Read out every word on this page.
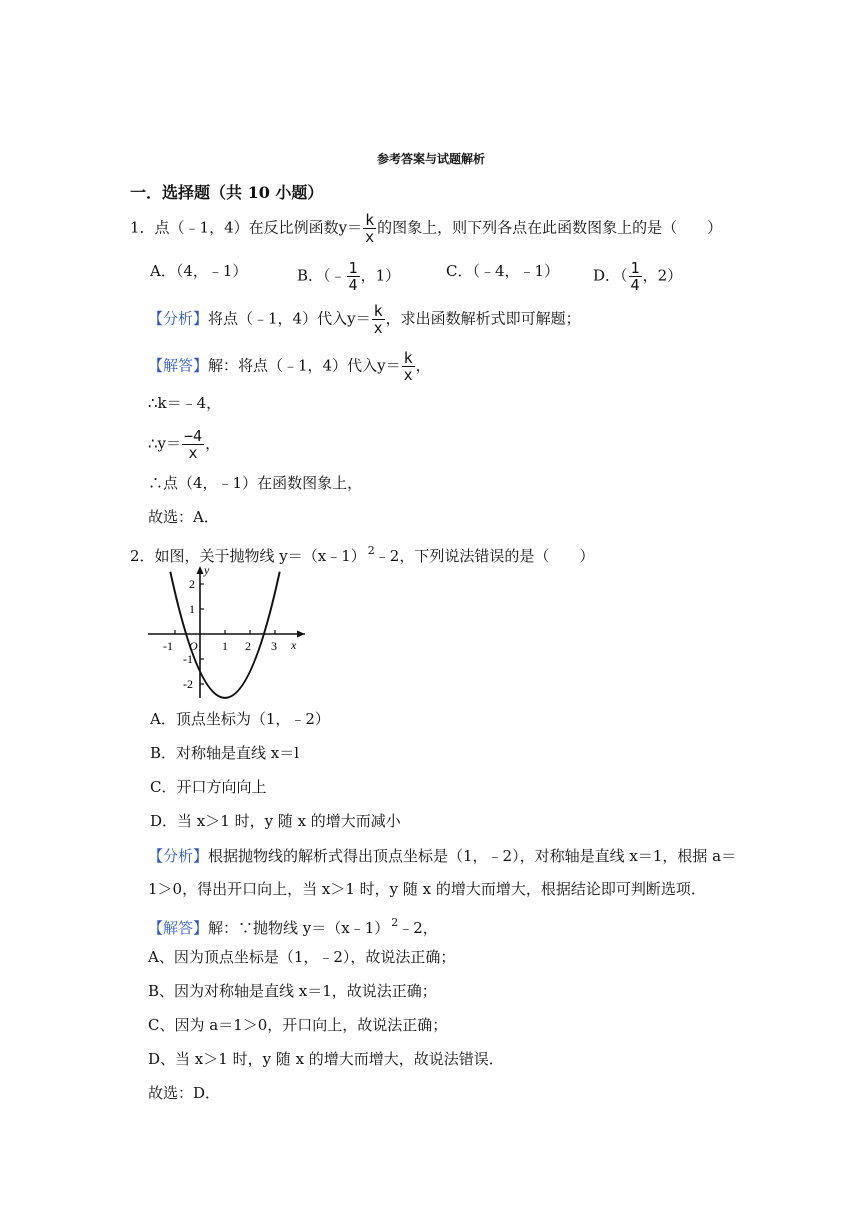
参考答案与试题解析
一．选择题（共 10 小题）
1．点（﹣1，4）在反比例函数$y= \frac{k}{x}$ 的图象上，则下列各点在此函数图象上的是（　　）
A．（4，﹣1）	B．（﹣ $\frac{1}{4}$ ，1）	C．（﹣4，﹣1） D．（ $\frac{1}{4}$ ，2）
【分析】将点（﹣1，4）代入$y= \frac{k}{x}$ ，求出函数解析式即可解题；
【解答】解：将点（﹣1，4）代入$y= \frac{k}{x}$ ，
∴k＝﹣4，
∴y＝ $\frac{-4}{x}$ ，
∴点（4，﹣1）在函数图象上，
故选：A．
2．如图，关于抛物线 y＝（x﹣1） $^2$﹣2，下列说法错误的是（　　）
y
x
-1 O 1 2 3
2
1
-1
-2
A．顶点坐标为（1，﹣2）
B．对称轴是直线 x＝l
C．开口方向向上
D．当 x＞1 时，y 随 x 的增大而减小
【分析】根据抛物线的解析式得出顶点坐标是（1，﹣2），对称轴是直线 x＝1，根据 a＝
1＞0，得出开口向上，当 x＞1 时，y 随 x 的增大而增大，根据结论即可判断选项．
【解答】解：∵抛物线 y＝（x﹣1） $^2$﹣2，
A、因为顶点坐标是（1，﹣2），故说法正确；
B、因为对称轴是直线 x＝1，故说法正确；
C、因为 a＝1＞0，开口向上，故说法正确；
D、当 x＞1 时，y 随 x 的增大而增大，故说法错误．
故选：D．
